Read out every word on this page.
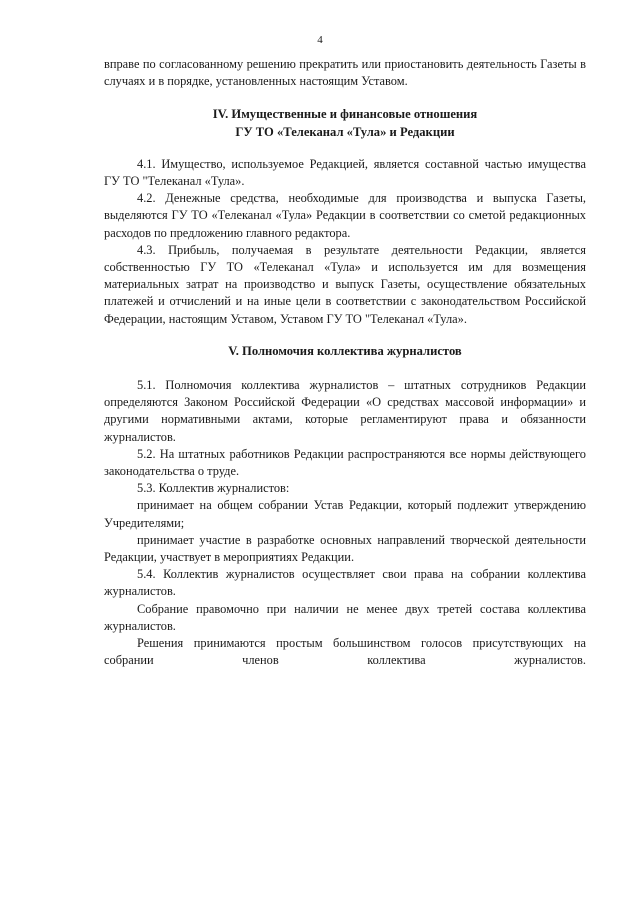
4

вправе по согласованному решению прекратить или приостановить деятельность Газеты в случаях и в порядке, установленных настоящим Уставом.

IV. Имущественные и финансовые отношения

ГУ ТО «Телеканал «Тула» и Редакции

4.1. Имущество, используемое Редакцией, является составной частью имущества ГУ ТО "Телеканал «Тула».

4.2. Денежные средства, необходимые для производства и выпуска Газеты, выделяются ГУ ТО «Телеканал «Тула» Редакции в соответствии со сметой редакционных расходов по предложению главного редактора.

4.3. Прибыль, получаемая в результате деятельности Редакции, является собственностью ГУ ТО «Телеканал «Тула» и используется им для возмещения материальных затрат на производство и выпуск Газеты, осуществление обязательных платежей и отчислений и на иные цели в соответствии с законодательством Российской Федерации, настоящим Уставом, Уставом ГУ ТО "Телеканал «Тула».

V. Полномочия коллектива журналистов

5.1. Полномочия коллектива журналистов – штатных сотрудников Редакции определяются Законом Российской Федерации «О средствах массовой информации» и другими нормативными актами, которые регламентируют права и обязанности журналистов.

5.2. На штатных работников Редакции распространяются все нормы действующего законодательства о труде.

5.3. Коллектив журналистов:

принимает на общем собрании Устав Редакции, который подлежит утверждению Учредителями;

принимает участие в разработке основных направлений творческой деятельности Редакции, участвует в мероприятиях Редакции.

5.4. Коллектив журналистов осуществляет свои права на собрании коллектива журналистов.

Собрание правомочно при наличии не менее двух третей состава коллектива журналистов.

Решения принимаются простым большинством голосов присутствующих на собрании членов коллектива журналистов.
